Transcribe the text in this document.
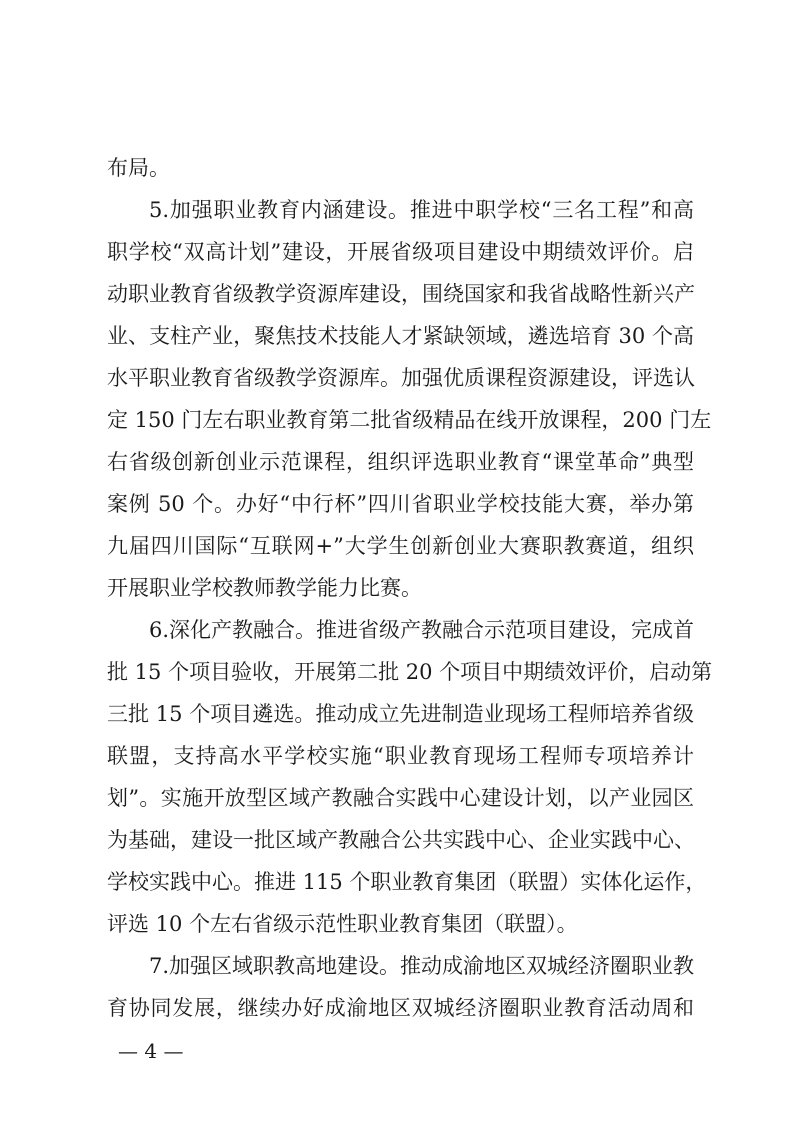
布局。
5.加强职业教育内涵建设。推进中职学校“三名工程”和高
职学校“双高计划”建设，开展省级项目建设中期绩效评价。启
动职业教育省级教学资源库建设，围绕国家和我省战略性新兴产
业、支柱产业，聚焦技术技能人才紧缺领域，遴选培育 30 个高
水平职业教育省级教学资源库。加强优质课程资源建设，评选认
定 150 门左右职业教育第二批省级精品在线开放课程，200 门左
右省级创新创业示范课程，组织评选职业教育“课堂革命”典型
案例 50 个。办好“中行杯”四川省职业学校技能大赛，举办第
九届四川国际“互联网+”大学生创新创业大赛职教赛道，组织
开展职业学校教师教学能力比赛。
6.深化产教融合。推进省级产教融合示范项目建设，完成首
批 15 个项目验收，开展第二批 20 个项目中期绩效评价，启动第
三批 15 个项目遴选。推动成立先进制造业现场工程师培养省级
联盟，支持高水平学校实施“职业教育现场工程师专项培养计
划”。实施开放型区域产教融合实践中心建设计划，以产业园区
为基础，建设一批区域产教融合公共实践中心、企业实践中心、
学校实践中心。推进 115 个职业教育集团（联盟）实体化运作，
评选 10 个左右省级示范性职业教育集团（联盟）。
7.加强区域职教高地建设。推动成渝地区双城经济圈职业教
育协同发展，继续办好成渝地区双城经济圈职业教育活动周和
— 4 —
